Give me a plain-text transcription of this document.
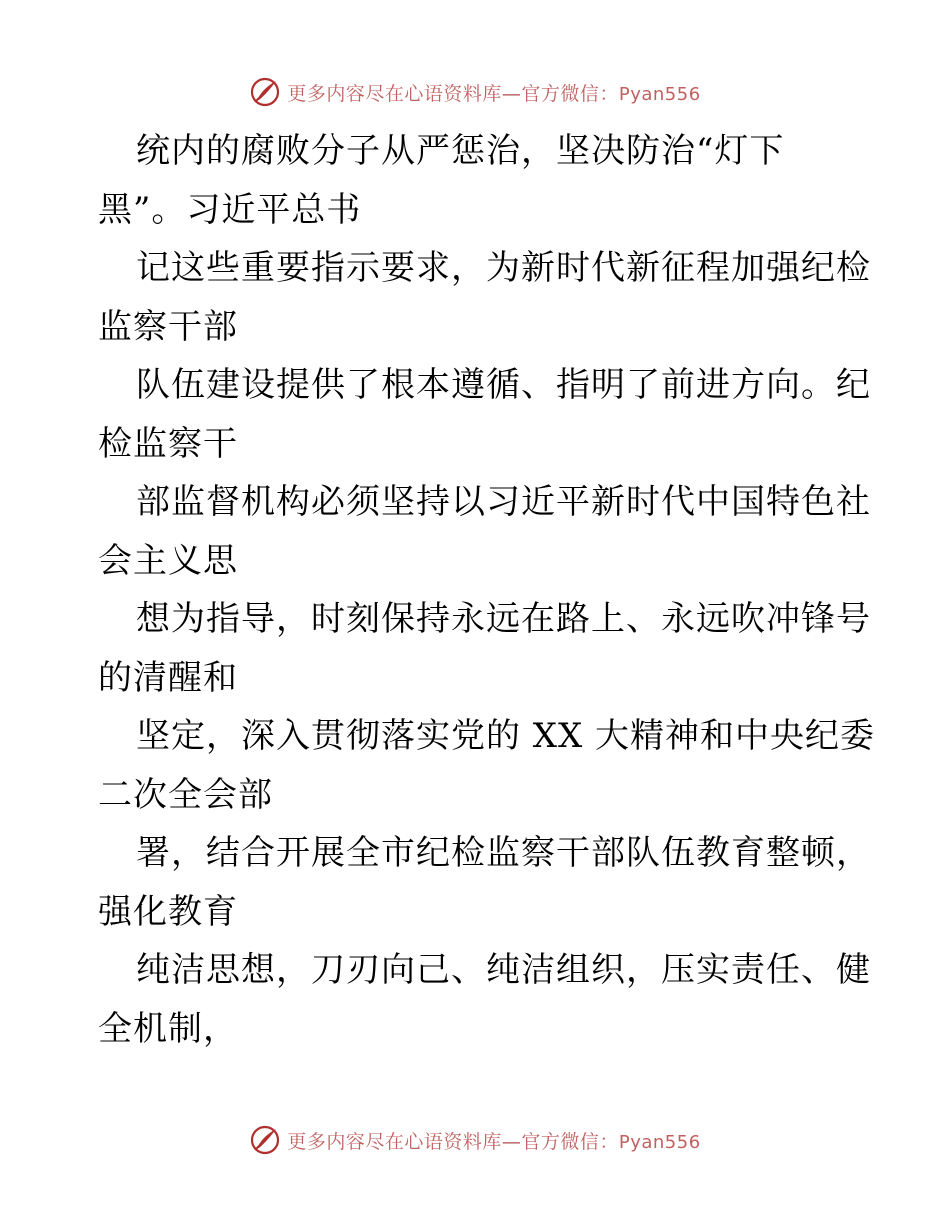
更多内容尽在心语资料库—官方微信：Pyan556
统内的腐败分子从严惩治，坚决防治“灯下
黑”。习近平总书
记这些重要指示要求，为新时代新征程加强纪检
监察干部
队伍建设提供了根本遵循、指明了前进方向。纪
检监察干
部监督机构必须坚持以习近平新时代中国特色社
会主义思
想为指导，时刻保持永远在路上、永远吹冲锋号
的清醒和
坚定，深入贯彻落实党的 XX 大精神和中央纪委
二次全会部
署，结合开展全市纪检监察干部队伍教育整顿，
强化教育
纯洁思想，刀刃向己、纯洁组织，压实责任、健
全机制，
更多内容尽在心语资料库—官方微信：Pyan556
